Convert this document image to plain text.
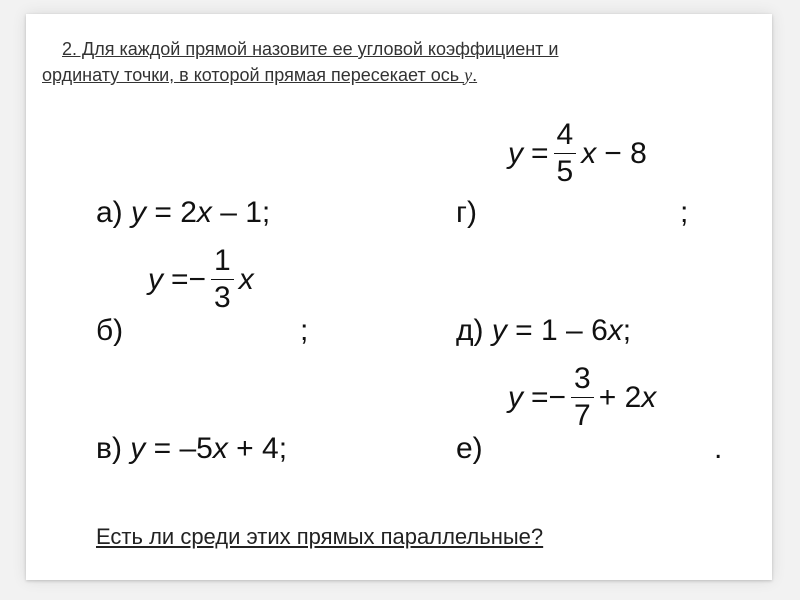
2. Для каждой прямой назовите ее угловой коэффициент и
ординату точки, в которой прямая пересекает ось у.
а) у = 2х – 1;
б)
$y =- \frac{1}{3}$ x
;
в) у = –5х + 4;
г)
$y = \frac{4}{5}$ x − 8
;
д) у = 1 – 6х;
е)
$y =- \frac{3}{7} + 2$ x
.
Есть ли среди этих прямых параллельные?
